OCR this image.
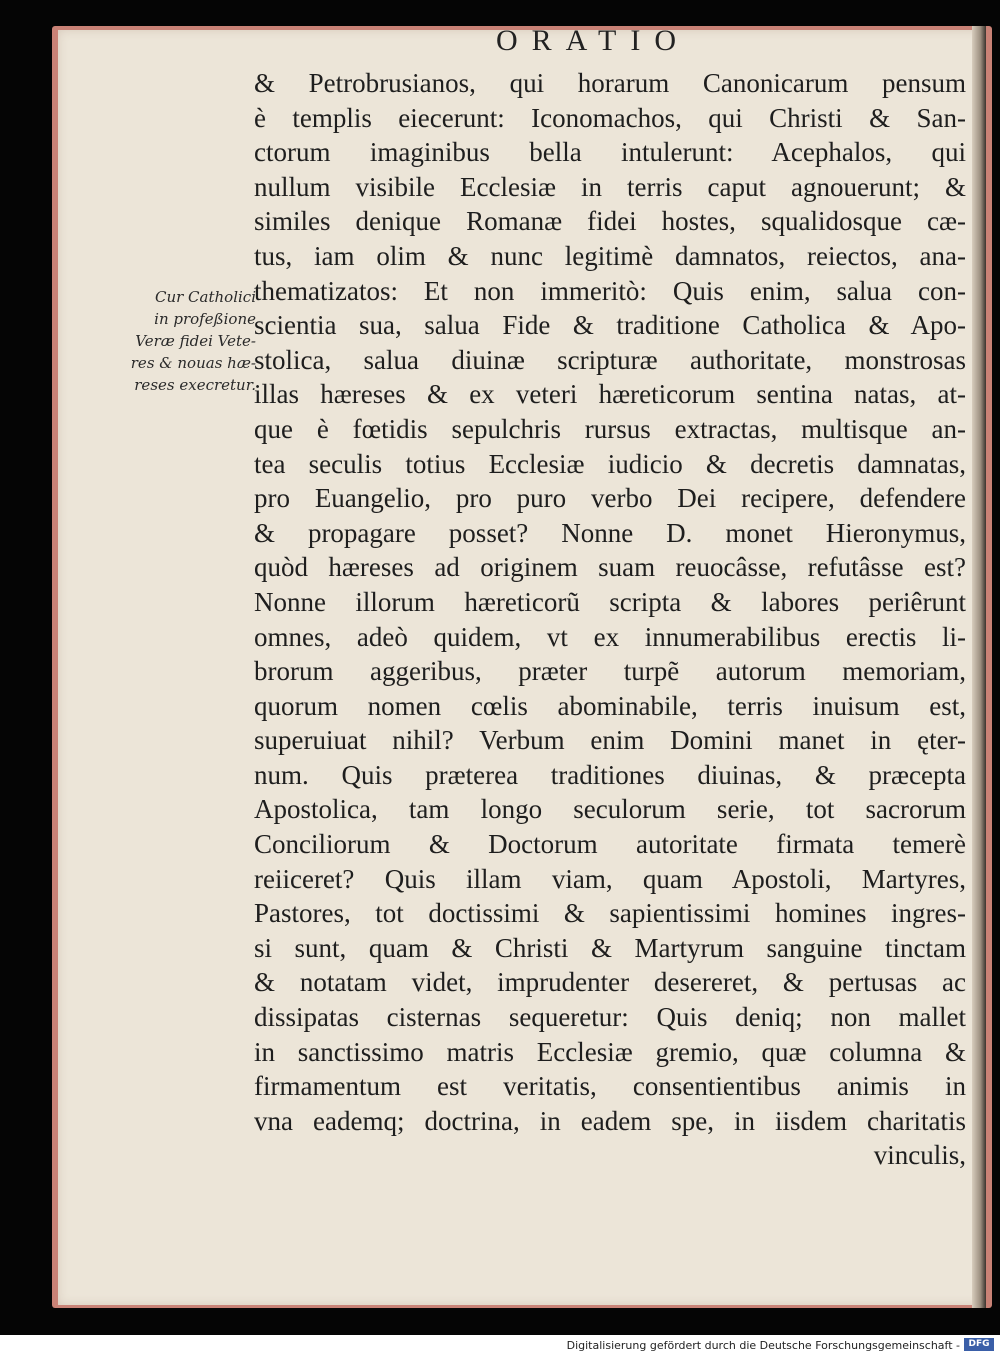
ORATIO
Cur Catholici
in profeßione
Veræ fidei Vete-
res & nouas hæ-
reses execretur.
& Petrobrusianos, qui horarum Canonicarum pensum
è templis eiecerunt: Iconomachos, qui Christi & San-
ctorum imaginibus bella intulerunt: Acephalos, qui
nullum visibile Ecclesiæ in terris caput agnouerunt; &
similes denique Romanæ fidei hostes, squalidosque cæ-
tus, iam olim & nunc legitimè damnatos, reiectos, ana-
thematizatos: Et non immeritò: Quis enim, salua con-
scientia sua, salua Fide & traditione Catholica & Apo-
stolica, salua diuinæ scripturæ authoritate, monstrosas
illas hæreses & ex veteri hæreticorum sentina natas, at-
que è fœtidis sepulchris rursus extractas, multisque an-
tea seculis totius Ecclesiæ iudicio & decretis damnatas,
pro Euangelio, pro puro verbo Dei recipere, defendere
& propagare posset? Nonne D. monet Hieronymus,
quòd hæreses ad originem suam reuocâsse, refutâsse est?
Nonne illorum hæreticorũ scripta & labores periêrunt
omnes, adeò quidem, vt ex innumerabilibus erectis li-
brorum aggeribus, præter turpẽ autorum memoriam,
quorum nomen cœlis abominabile, terris inuisum est,
superuiuat nihil? Verbum enim Domini manet in ęter-
num. Quis præterea traditiones diuinas, & præcepta
Apostolica, tam longo seculorum serie, tot sacrorum
Conciliorum & Doctorum autoritate firmata temerè
reiiceret? Quis illam viam, quam Apostoli, Martyres,
Pastores, tot doctissimi & sapientissimi homines ingres-
si sunt, quam & Christi & Martyrum sanguine tinctam
& notatam videt, imprudenter desereret, & pertusas ac
dissipatas cisternas sequeretur: Quis deniq; non mallet
in sanctissimo matris Ecclesiæ gremio, quæ columna &
firmamentum est veritatis, consentientibus animis in
vna eademq; doctrina, in eadem spe, in iisdem charitatis
vinculis,
Digitalisierung gefördert durch die Deutsche Forschungsgemeinschaft - DFG
